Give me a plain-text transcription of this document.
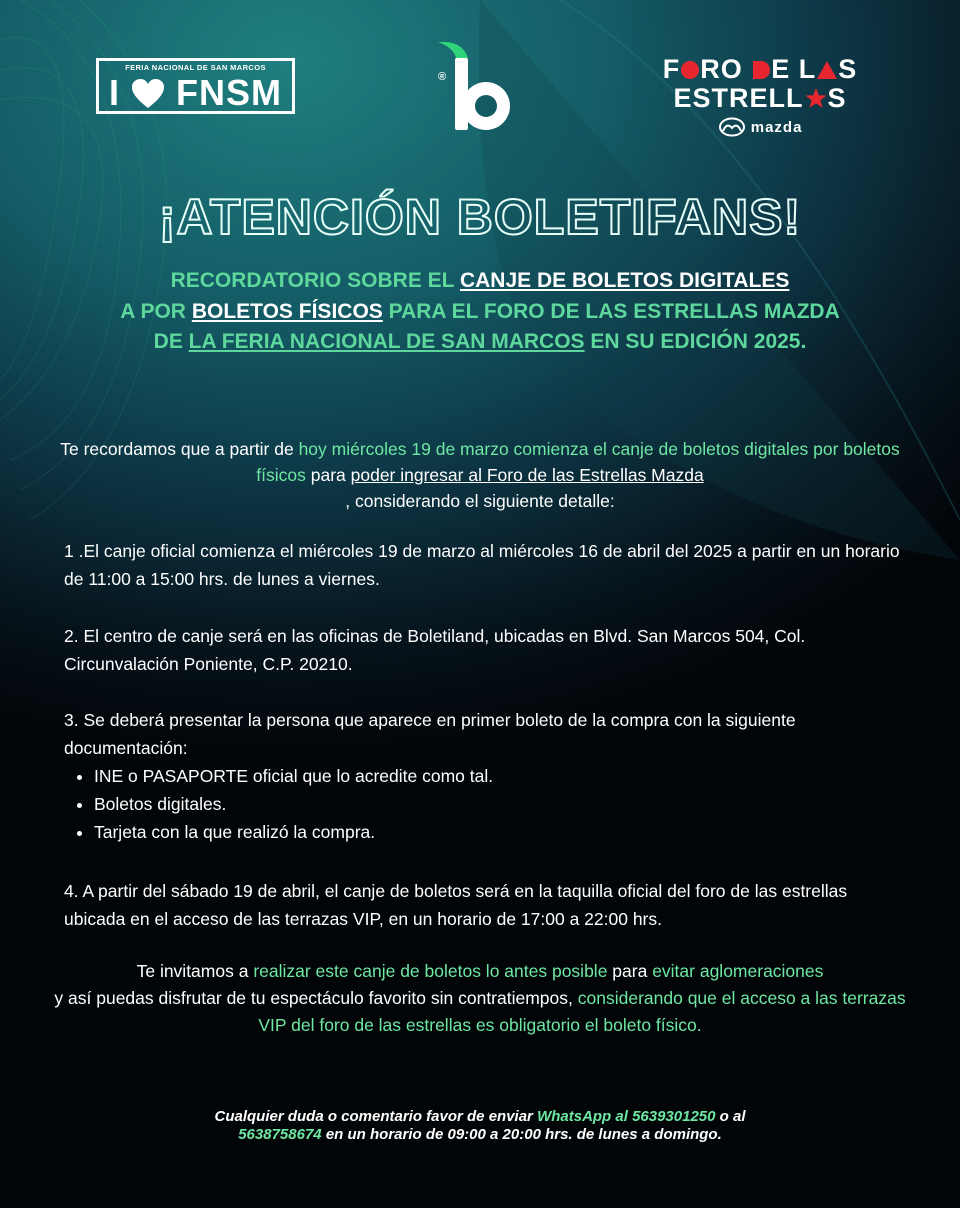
FERIA NACIONAL DE SAN MARCOS
I FNSM	®	F RO E L S
ESTRELL S
mazda
¡ATENCIÓN BOLETIFANS!
RECORDATORIO SOBRE EL CANJE DE BOLETOS DIGITALES
A POR BOLETOS FÍSICOS PARA EL FORO DE LAS ESTRELLAS MAZDA DE LA FERIA NACIONAL DE SAN MARCOS EN SU EDICIÓN 2025.
Te recordamos que a partir de hoy miércoles 19 de marzo comienza el canje de boletos digitales por boletos físicos para poder ingresar al Foro de las Estrellas Mazda
, considerando el siguiente detalle:
1 .El canje oficial comienza el miércoles 19 de marzo al miércoles 16 de abril del 2025 a partir en un horario de 11:00 a 15:00 hrs. de lunes a viernes.
2. El centro de canje será en las oficinas de Boletiland, ubicadas en Blvd. San Marcos 504, Col. Circunvalación Poniente, C.P. 20210.
3. Se deberá presentar la persona que aparece en primer boleto de la compra con la siguiente documentación:
• INE o PASAPORTE oficial que lo acredite como tal.
• Boletos digitales.
• Tarjeta con la que realizó la compra.
4. A partir del sábado 19 de abril, el canje de boletos será en la taquilla oficial del foro de las estrellas ubicada en el acceso de las terrazas VIP, en un horario de 17:00 a 22:00 hrs.
Te invitamos a realizar este canje de boletos lo antes posible para evitar aglomeraciones
y así puedas disfrutar de tu espectáculo favorito sin contratiempos, considerando que el acceso a las terrazas VIP del foro de las estrellas es obligatorio el boleto físico.
Cualquier duda o comentario favor de enviar WhatsApp al 5639301250 o al
5638758674 en un horario de 09:00 a 20:00 hrs. de lunes a domingo.
